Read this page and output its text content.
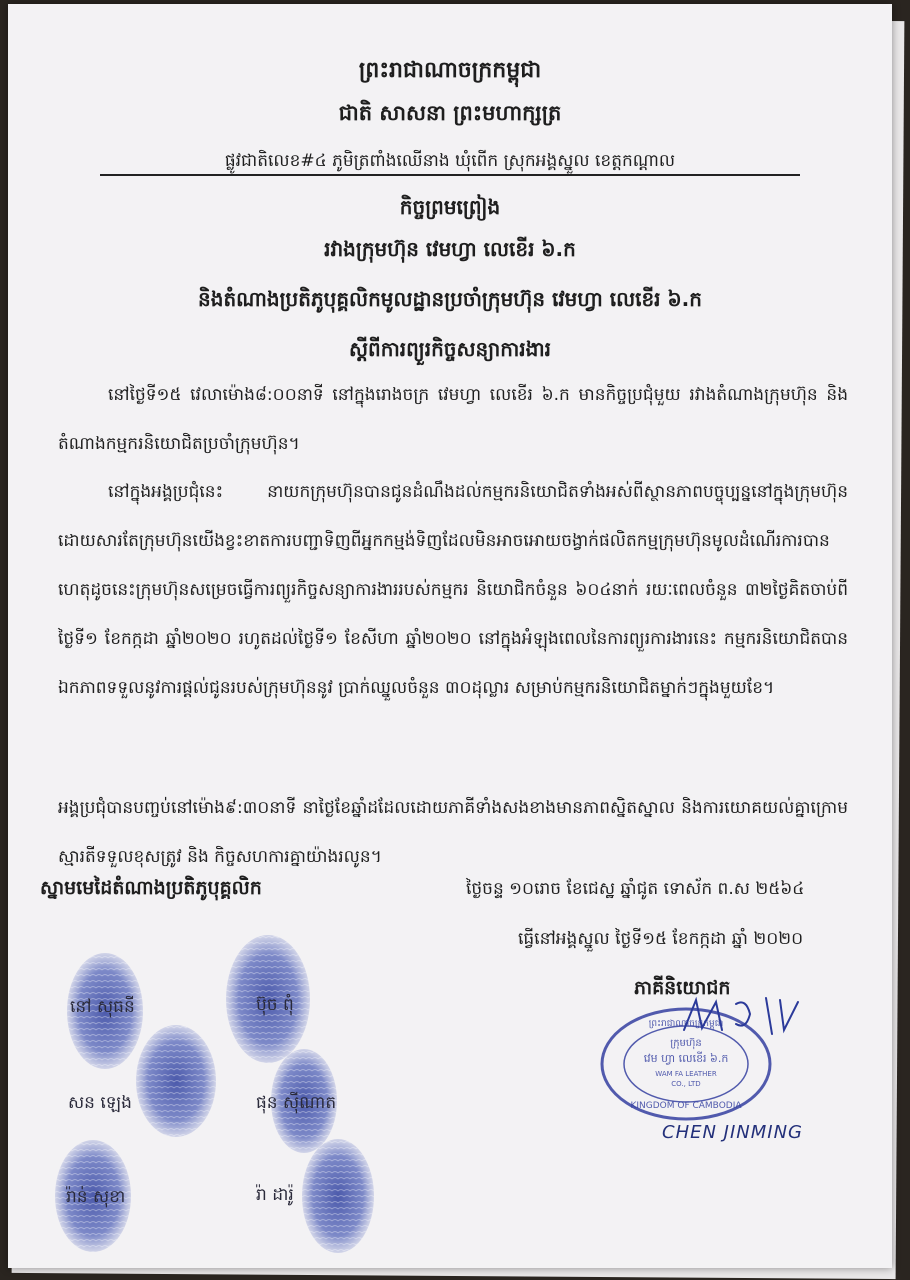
ព្រះរាជាណាចក្រកម្ពុជា
ជាតិ សាសនា ព្រះមហាក្សត្រ
ផ្លូវជាតិលេខ#៤ ភូមិត្រពាំងឈើនាង ឃុំពើក ស្រុកអង្គស្នួល ខេត្តកណ្ដាល
កិច្ចព្រមព្រៀង
រវាងក្រុមហ៊ុន វេមហ្វា លេខើរ ៦.ក
និងតំណាងប្រតិភូបុគ្គលិកមូលដ្ឋានប្រចាំក្រុមហ៊ុន វេមហ្វា លេខើរ ៦.ក
ស្ដីពីការព្យួរកិច្ចសន្យាការងារ
នៅថ្ងៃទី១៥ វេលាម៉ោង៨:០០នាទី នៅក្នុងរោងចក្រ វេមហ្វា លេខើរ ៦.ក មានកិច្ចប្រជុំមួយ រវាងតំណាងក្រុមហ៊ុន និងតំណាងកម្មករនិយោជិតប្រចាំក្រុមហ៊ុន។
នៅក្នុងអង្គប្រជុំនេះ នាយកក្រុមហ៊ុនបានជូនដំណឹងដល់កម្មករនិយោជិតទាំងអស់ពីស្ថានភាពបច្ចុប្បន្ននៅក្នុងក្រុមហ៊ុន ដោយសារតែក្រុមហ៊ុនយើងខ្វះខាតការបញ្ជាទិញពីអ្នកកម្មង់ទិញដែលមិនអាចអោយចង្វាក់ផលិតកម្មក្រុមហ៊ុនមូលដំណើរការបាន ហេតុដូចនេះក្រុមហ៊ុនសម្រេចធ្វើការព្យួរកិច្ចសន្យាការងាររបស់កម្មករ និយោជិកចំនួន ៦០៤នាក់ រយៈពេលចំនួន ៣២ថ្ងៃគិតចាប់ពី ថ្ងៃទី១ ខែកក្កដា ឆ្នាំ២០២០ រហូតដល់ថ្ងៃទី១ ខែសីហា ឆ្នាំ២០២០ នៅក្នុងអំឡុងពេលនៃការព្យួរការងារនេះ កម្មករនិយោជិតបានឯកភាពទទួលនូវការផ្ដល់ជូនរបស់ក្រុមហ៊ុននូវ ប្រាក់ឈ្នួលចំនួន ៣០ដុល្លារ សម្រាប់កម្មករនិយោជិតម្នាក់ៗក្នុងមួយខែ។
អង្គប្រជុំបានបញ្ចប់នៅម៉ោង៩:៣០នាទី នាថ្ងៃខែឆ្នាំដដែលដោយភាគីទាំងសងខាងមានភាពស្និតស្នាល និងការយោគយល់គ្នាក្រោមស្មារតីទទួលខុសត្រូវ និង កិច្ចសហការគ្នាយ៉ាងរលូន។
ស្នាមមេដៃតំណាងប្រតិភូបុគ្គលិក	ថ្ងៃចន្ទ ១០រោច ខែជេស្ឋ ឆ្នាំជូត ទោស័ក ព.ស ២៥៦៤
ធ្វើនៅអង្គស្នួល ថ្ងៃទី១៥ ខែកក្កដា ឆ្នាំ ២០២០
ភាគីនិយោជក
នៅ សុធនី	ប៊ុច ពុំ
សន ឡេង	ផុន ស៊ីណាត
រ៉ាន់ សុខា	រ៉ា ដារ៉ូ
ព្រះរាជាណាចក្រកម្ពុជា
ក្រុមហ៊ុន
វេម ហ្វា លេខើរ ៦.ក
WAM FA LEATHER
CO., LTD
KINGDOM OF CAMBODIA
CHEN JINMING
